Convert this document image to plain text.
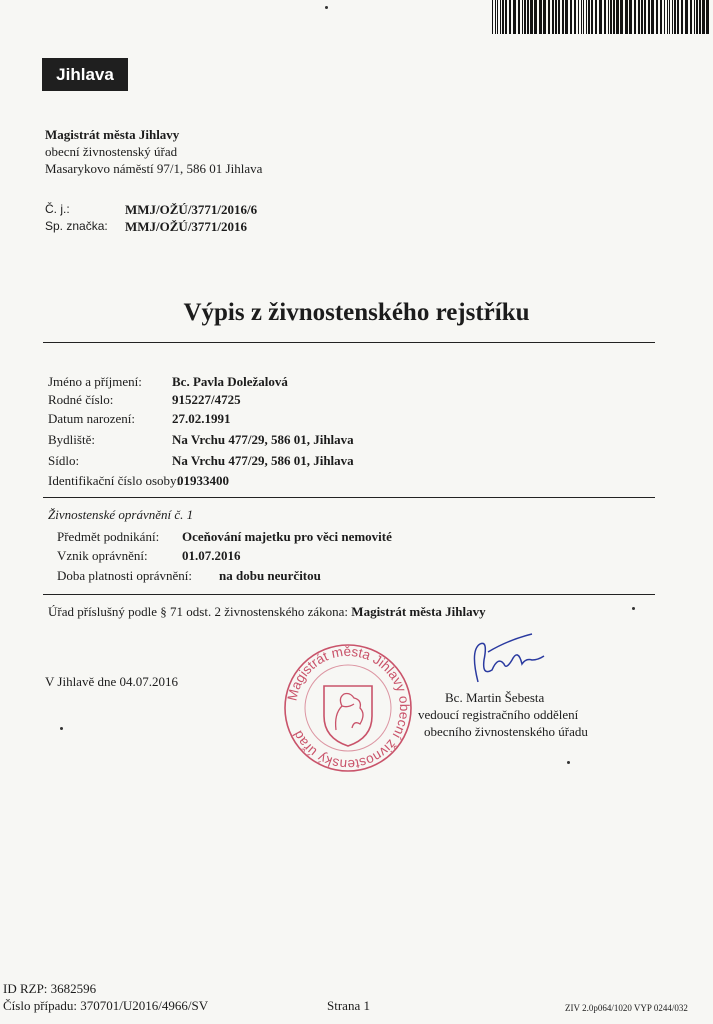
Jihlava
Magistrát města Jihlavy
obecní živnostenský úřad
Masarykovo náměstí 97/1, 586 01 Jihlava
Č. j.:	MMJ/OŽÚ/3771/2016/6
Sp. značka: MMJ/OŽÚ/3771/2016
Výpis z živnostenského rejstříku
Jméno a příjmení: Bc. Pavla Doležalová
Rodné číslo:	915227/4725
Datum narození:	27.02.1991
Bydliště:	Na Vrchu 477/29, 586 01, Jihlava
Sídlo:	Na Vrchu 477/29, 586 01, Jihlava
Identifikační číslo osoby:
01933400
Živnostenské oprávnění č. 1
Předmět podnikání: Oceňování majetku pro věci nemovité
Vznik oprávnění:	01.07.2016
Doba platnosti oprávnění: na dobu neurčitou
Úřad příslušný podle § 71 odst. 2 živnostenského zákona: Magistrát města Jihlavy
V Jihlavě dne 04.07.2016
Magistrát města Jihlavy obecní živnostenský úřad
Bc. Martin Šebesta
vedoucí registračního oddělení
obecního živnostenského úřadu
ID RZP: 3682596
Číslo případu: 370701/U2016/4966/SV	Strana 1	ZIV 2.0p064/1020 VYP 0244/032
